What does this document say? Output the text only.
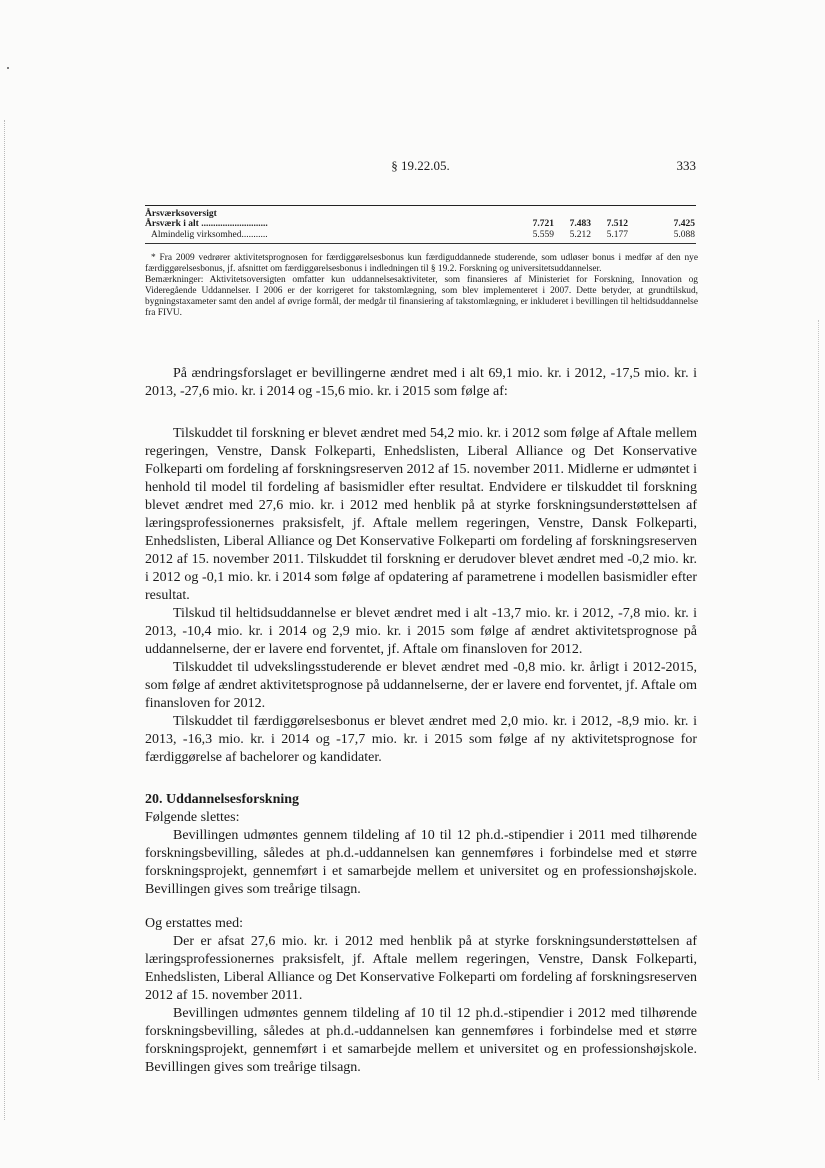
§ 19.22.05.	333
Årsværksoversigt
Årsværk i alt ............................	7.721	7.483	7.512	7.425
Almindelig virksomhed...........	5.559	5.212	5.177	5.088

* Fra 2009 vedrører aktivitetsprognosen for færdiggørelsesbonus kun færdiguddannede studerende, som udløser bonus i medfør af den nye færdiggørelsesbonus, jf. afsnittet om færdiggørelsesbonus i indledningen til § 19.2. Forskning og universitetsuddannelser.

Bemærkninger: Aktivitetsoversigten omfatter kun uddannelsesaktiviteter, som finansieres af Ministeriet for Forskning, Innovation og Videregående Uddannelser. I 2006 er der korrigeret for takstomlægning, som blev implementeret i 2007. Dette betyder, at grundtilskud, bygningstaxameter samt den andel af øvrige formål, der medgår til finansiering af takstomlægning, er inkluderet i bevillingen til heltidsuddannelse fra FIVU.

På ændringsforslaget er bevillingerne ændret med i alt 69,1 mio. kr. i 2012, -17,5 mio. kr. i 2013, -27,6 mio. kr. i 2014 og -15,6 mio. kr. i 2015 som følge af:

Tilskuddet til forskning er blevet ændret med 54,2 mio. kr. i 2012 som følge af Aftale mellem regeringen, Venstre, Dansk Folkeparti, Enhedslisten, Liberal Alliance og Det Konservative Folkeparti om fordeling af forskningsreserven 2012 af 15. november 2011. Midlerne er udmøntet i henhold til model til fordeling af basismidler efter resultat. Endvidere er tilskuddet til forskning blevet ændret med 27,6 mio. kr. i 2012 med henblik på at styrke forskningsunderstøttelsen af læringsprofessionernes praksisfelt, jf. Aftale mellem regeringen, Venstre, Dansk Folkeparti, Enhedslisten, Liberal Alliance og Det Konservative Folkeparti om fordeling af forskningsreserven 2012 af 15. november 2011. Tilskuddet til forskning er derudover blevet ændret med -0,2 mio. kr. i 2012 og -0,1 mio. kr. i 2014 som følge af opdatering af parametrene i modellen basismidler efter resultat.

Tilskud til heltidsuddannelse er blevet ændret med i alt -13,7 mio. kr. i 2012, -7,8 mio. kr. i 2013, -10,4 mio. kr. i 2014 og 2,9 mio. kr. i 2015 som følge af ændret aktivitetsprognose på uddannelserne, der er lavere end forventet, jf. Aftale om finansloven for 2012.

Tilskuddet til udvekslingsstuderende er blevet ændret med -0,8 mio. kr. årligt i 2012-2015, som følge af ændret aktivitetsprognose på uddannelserne, der er lavere end forventet, jf. Aftale om finansloven for 2012.

Tilskuddet til færdiggørelsesbonus er blevet ændret med 2,0 mio. kr. i 2012, -8,9 mio. kr. i 2013, -16,3 mio. kr. i 2014 og -17,7 mio. kr. i 2015 som følge af ny aktivitetsprognose for færdiggørelse af bachelorer og kandidater.

20. Uddannelsesforskning

Følgende slettes:

Bevillingen udmøntes gennem tildeling af 10 til 12 ph.d.-stipendier i 2011 med tilhørende forskningsbevilling, således at ph.d.-uddannelsen kan gennemføres i forbindelse med et større forskningsprojekt, gennemført i et samarbejde mellem et universitet og en professionshøjskole. Bevillingen gives som treårige tilsagn.

Og erstattes med:

Der er afsat 27,6 mio. kr. i 2012 med henblik på at styrke forskningsunderstøttelsen af læringsprofessionernes praksisfelt, jf. Aftale mellem regeringen, Venstre, Dansk Folkeparti, Enhedslisten, Liberal Alliance og Det Konservative Folkeparti om fordeling af forskningsreserven 2012 af 15. november 2011.

Bevillingen udmøntes gennem tildeling af 10 til 12 ph.d.-stipendier i 2012 med tilhørende forskningsbevilling, således at ph.d.-uddannelsen kan gennemføres i forbindelse med et større forskningsprojekt, gennemført i et samarbejde mellem et universitet og en professionshøjskole. Bevillingen gives som treårige tilsagn.
